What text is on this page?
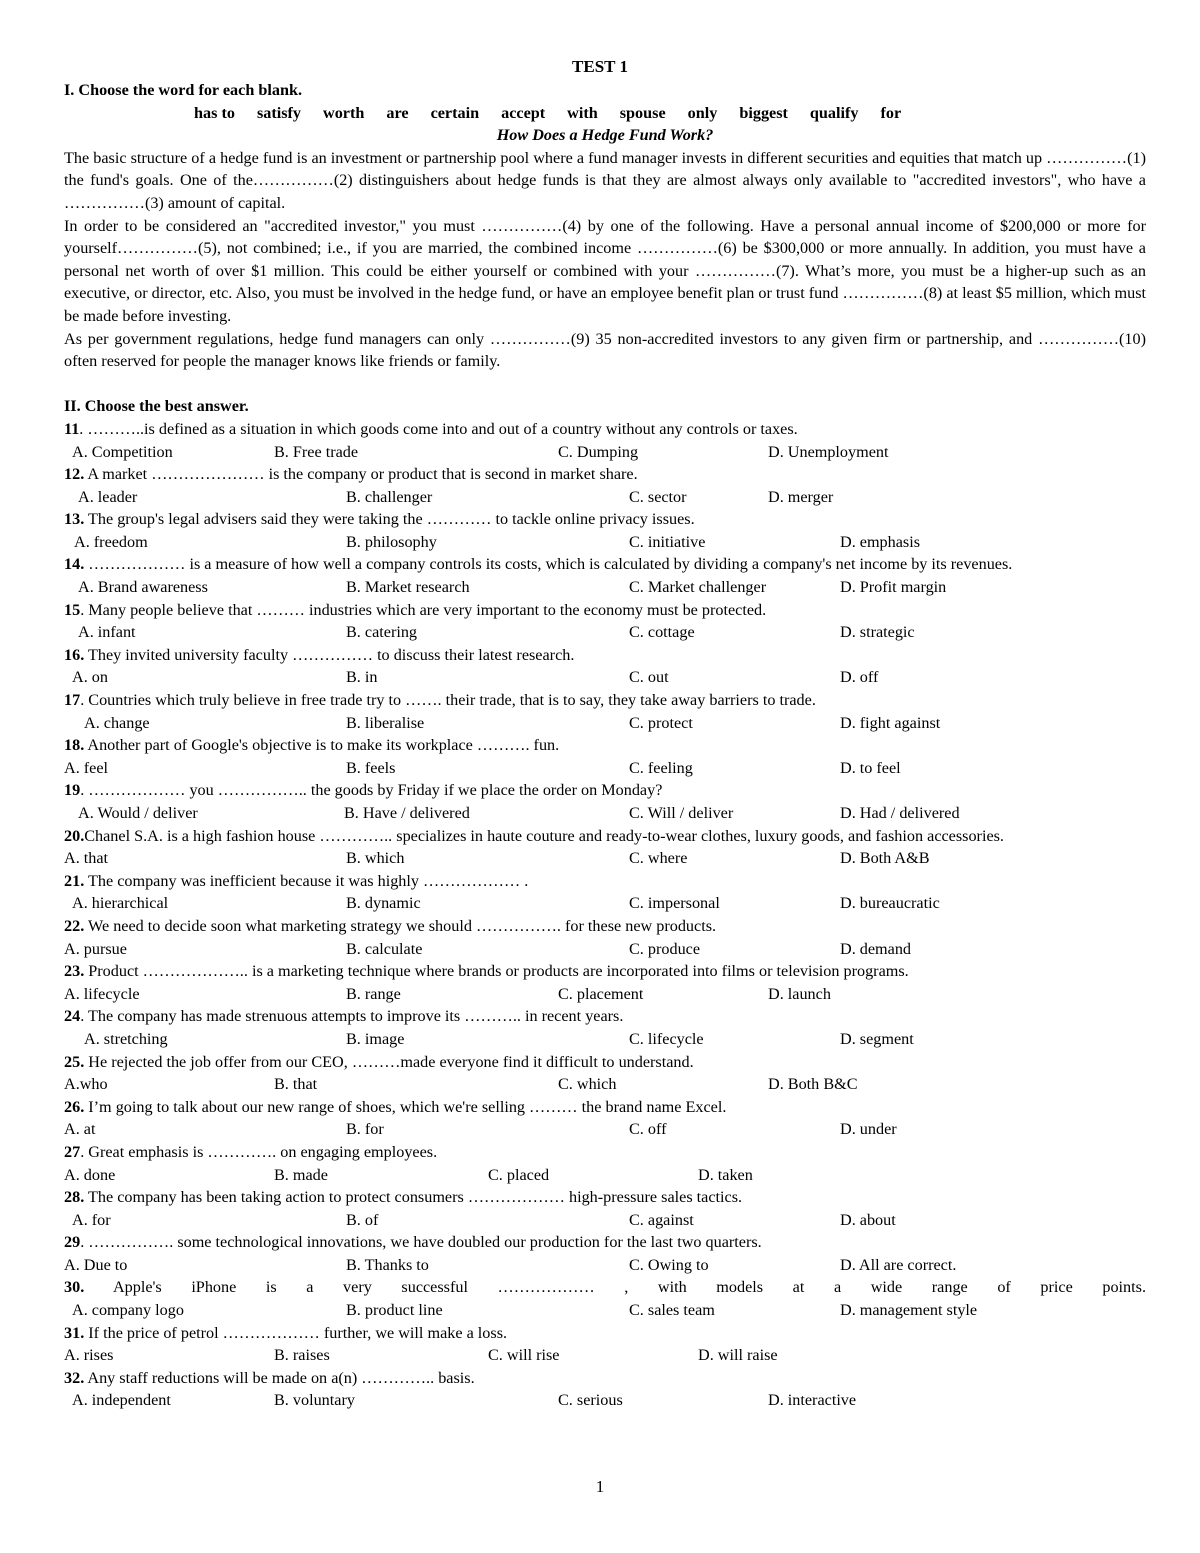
TEST 1
I. Choose the word for each blank.
has to satisfy worth are certain accept with spouse only biggest qualify for
How Does a Hedge Fund Work?
The basic structure of a hedge fund is an investment or partnership pool where a fund manager invests in different securities and equities that match up ……………(1) the fund's goals. One of the……………(2) distinguishers about hedge funds is that they are almost always only available to "accredited investors", who have a ……………(3) amount of capital.
In order to be considered an "accredited investor," you must ……………(4) by one of the following. Have a personal annual income of $200,000 or more for yourself……………(5), not combined; i.e., if you are married, the combined income ……………(6) be $300,000 or more annually. In addition, you must have a personal net worth of over $1 million. This could be either yourself or combined with your ……………(7). What’s more, you must be a higher-up such as an executive, or director, etc. Also, you must be involved in the hedge fund, or have an employee benefit plan or trust fund ……………(8) at least $5 million, which must be made before investing.
As per government regulations, hedge fund managers can only ……………(9) 35 non-accredited investors to any given firm or partnership, and ……………(10) often reserved for people the manager knows like friends or family.
II. Choose the best answer.
11. ………..is defined as a situation in which goods come into and out of a country without any controls or taxes.
A. Competition	B. Free trade	C. Dumping	D. Unemployment
12. A market ………………… is the company or product that is second in market share.
A. leader	B. challenger	C. sector	D. merger
13. The group's legal advisers said they were taking the ………… to tackle online privacy issues.
A. freedom	B. philosophy	C. initiative	D. emphasis
14. ……………… is a measure of how well a company controls its costs, which is calculated by dividing a company's net income by its revenues.
A. Brand awareness	B. Market research	C. Market challenger	D. Profit margin
15. Many people believe that ……… industries which are very important to the economy must be protected.
A. infant	B. catering	C. cottage	D. strategic
16. They invited university faculty …………… to discuss their latest research.
A. on	B. in	C. out	D. off
17. Countries which truly believe in free trade try to ……. their trade, that is to say, they take away barriers to trade.
A. change	B. liberalise	C. protect	D. fight against
18. Another part of Google's objective is to make its workplace ………. fun.
A. feel	B. feels	C. feeling	D. to feel
19. ……………… you …………….. the goods by Friday if we place the order on Monday?
A. Would / deliver	B. Have / delivered	C. Will / deliver	D. Had / delivered
20.Chanel S.A. is a high fashion house ………….. specializes in haute couture and ready-to-wear clothes, luxury goods, and fashion accessories.
A. that	B. which	C. where	D. Both A&B
21. The company was inefficient because it was highly ……………… .
A. hierarchical	B. dynamic	C. impersonal	D. bureaucratic
22. We need to decide soon what marketing strategy we should ……………. for these new products.
A. pursue	B. calculate	C. produce	D. demand
23. Product ……………….. is a marketing technique where brands or products are incorporated into films or television programs.
A. lifecycle	B. range	C. placement	D. launch
24. The company has made strenuous attempts to improve its ……….. in recent years.
A. stretching	B. image	C. lifecycle	D. segment
25. He rejected the job offer from our CEO, ………made everyone find it difficult to understand.
A.who	B. that	C. which	D. Both B&C
26. I’m going to talk about our new range of shoes, which we're selling ……… the brand name Excel.
A. at	B. for	C. off	D. under
27. Great emphasis is …………. on engaging employees.
A. done	B. made	C. placed	D. taken
28. The company has been taking action to protect consumers ……………… high-pressure sales tactics.
A. for	B. of	C. against	D. about
29. ……………. some technological innovations, we have doubled our production for the last two quarters.
A. Due to	B. Thanks to	C. Owing to	D. All are correct.
30. Apple's iPhone is a very successful ……………… , with models at a wide range of price points.
A. company logo	B. product line	C. sales team	D. management style
31. If the price of petrol ……………… further, we will make a loss.
A. rises	B. raises	C. will rise	D. will raise
32. Any staff reductions will be made on a(n) ………….. basis.
A. independent	B. voluntary	C. serious	D. interactive
1
